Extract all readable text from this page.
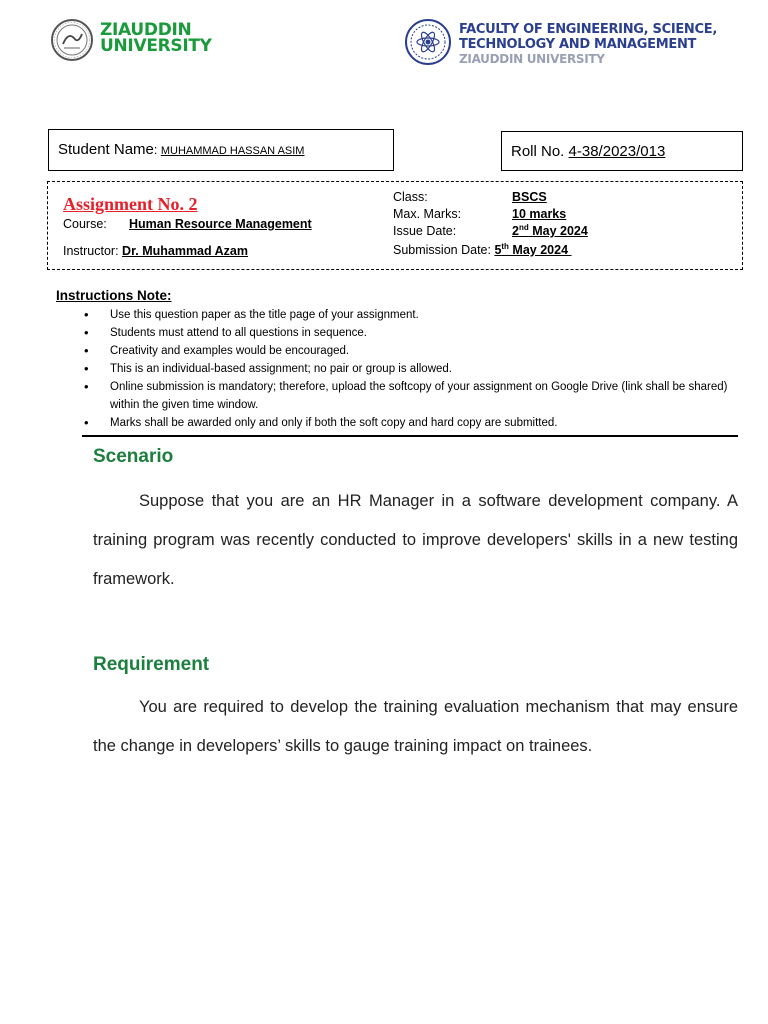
ZIAUDDIN
UNIVERSITY
FACULTY OF ENGINEERING, SCIENCE,
TECHNOLOGY AND MANAGEMENT
ZIAUDDIN UNIVERSITY
Student Name: MUHAMMAD HASSAN ASIM	Roll No. 4-38/2023/013
Assignment No. 2
Course: Human Resource Management
Instructor: Dr. Muhammad Azam
Class:	BSCS
Max. Marks:	10 marks
Issue Date:	2nd May 2024
Submission Date: 5th May 2024
Instructions Note:
• Use this question paper as the title page of your assignment.
• Students must attend to all questions in sequence.
• Creativity and examples would be encouraged.
• This is an individual-based assignment; no pair or group is allowed.
• Online submission is mandatory; therefore, upload the softcopy of your assignment on Google Drive (link shall be shared) within the given time window.
• Marks shall be awarded only and only if both the soft copy and hard copy are submitted.
Scenario
Suppose that you are an HR Manager in a software development company. A training program was recently conducted to improve developers' skills in a new testing framework.
Requirement
You are required to develop the training evaluation mechanism that may ensure the change in developers’ skills to gauge training impact on trainees.
